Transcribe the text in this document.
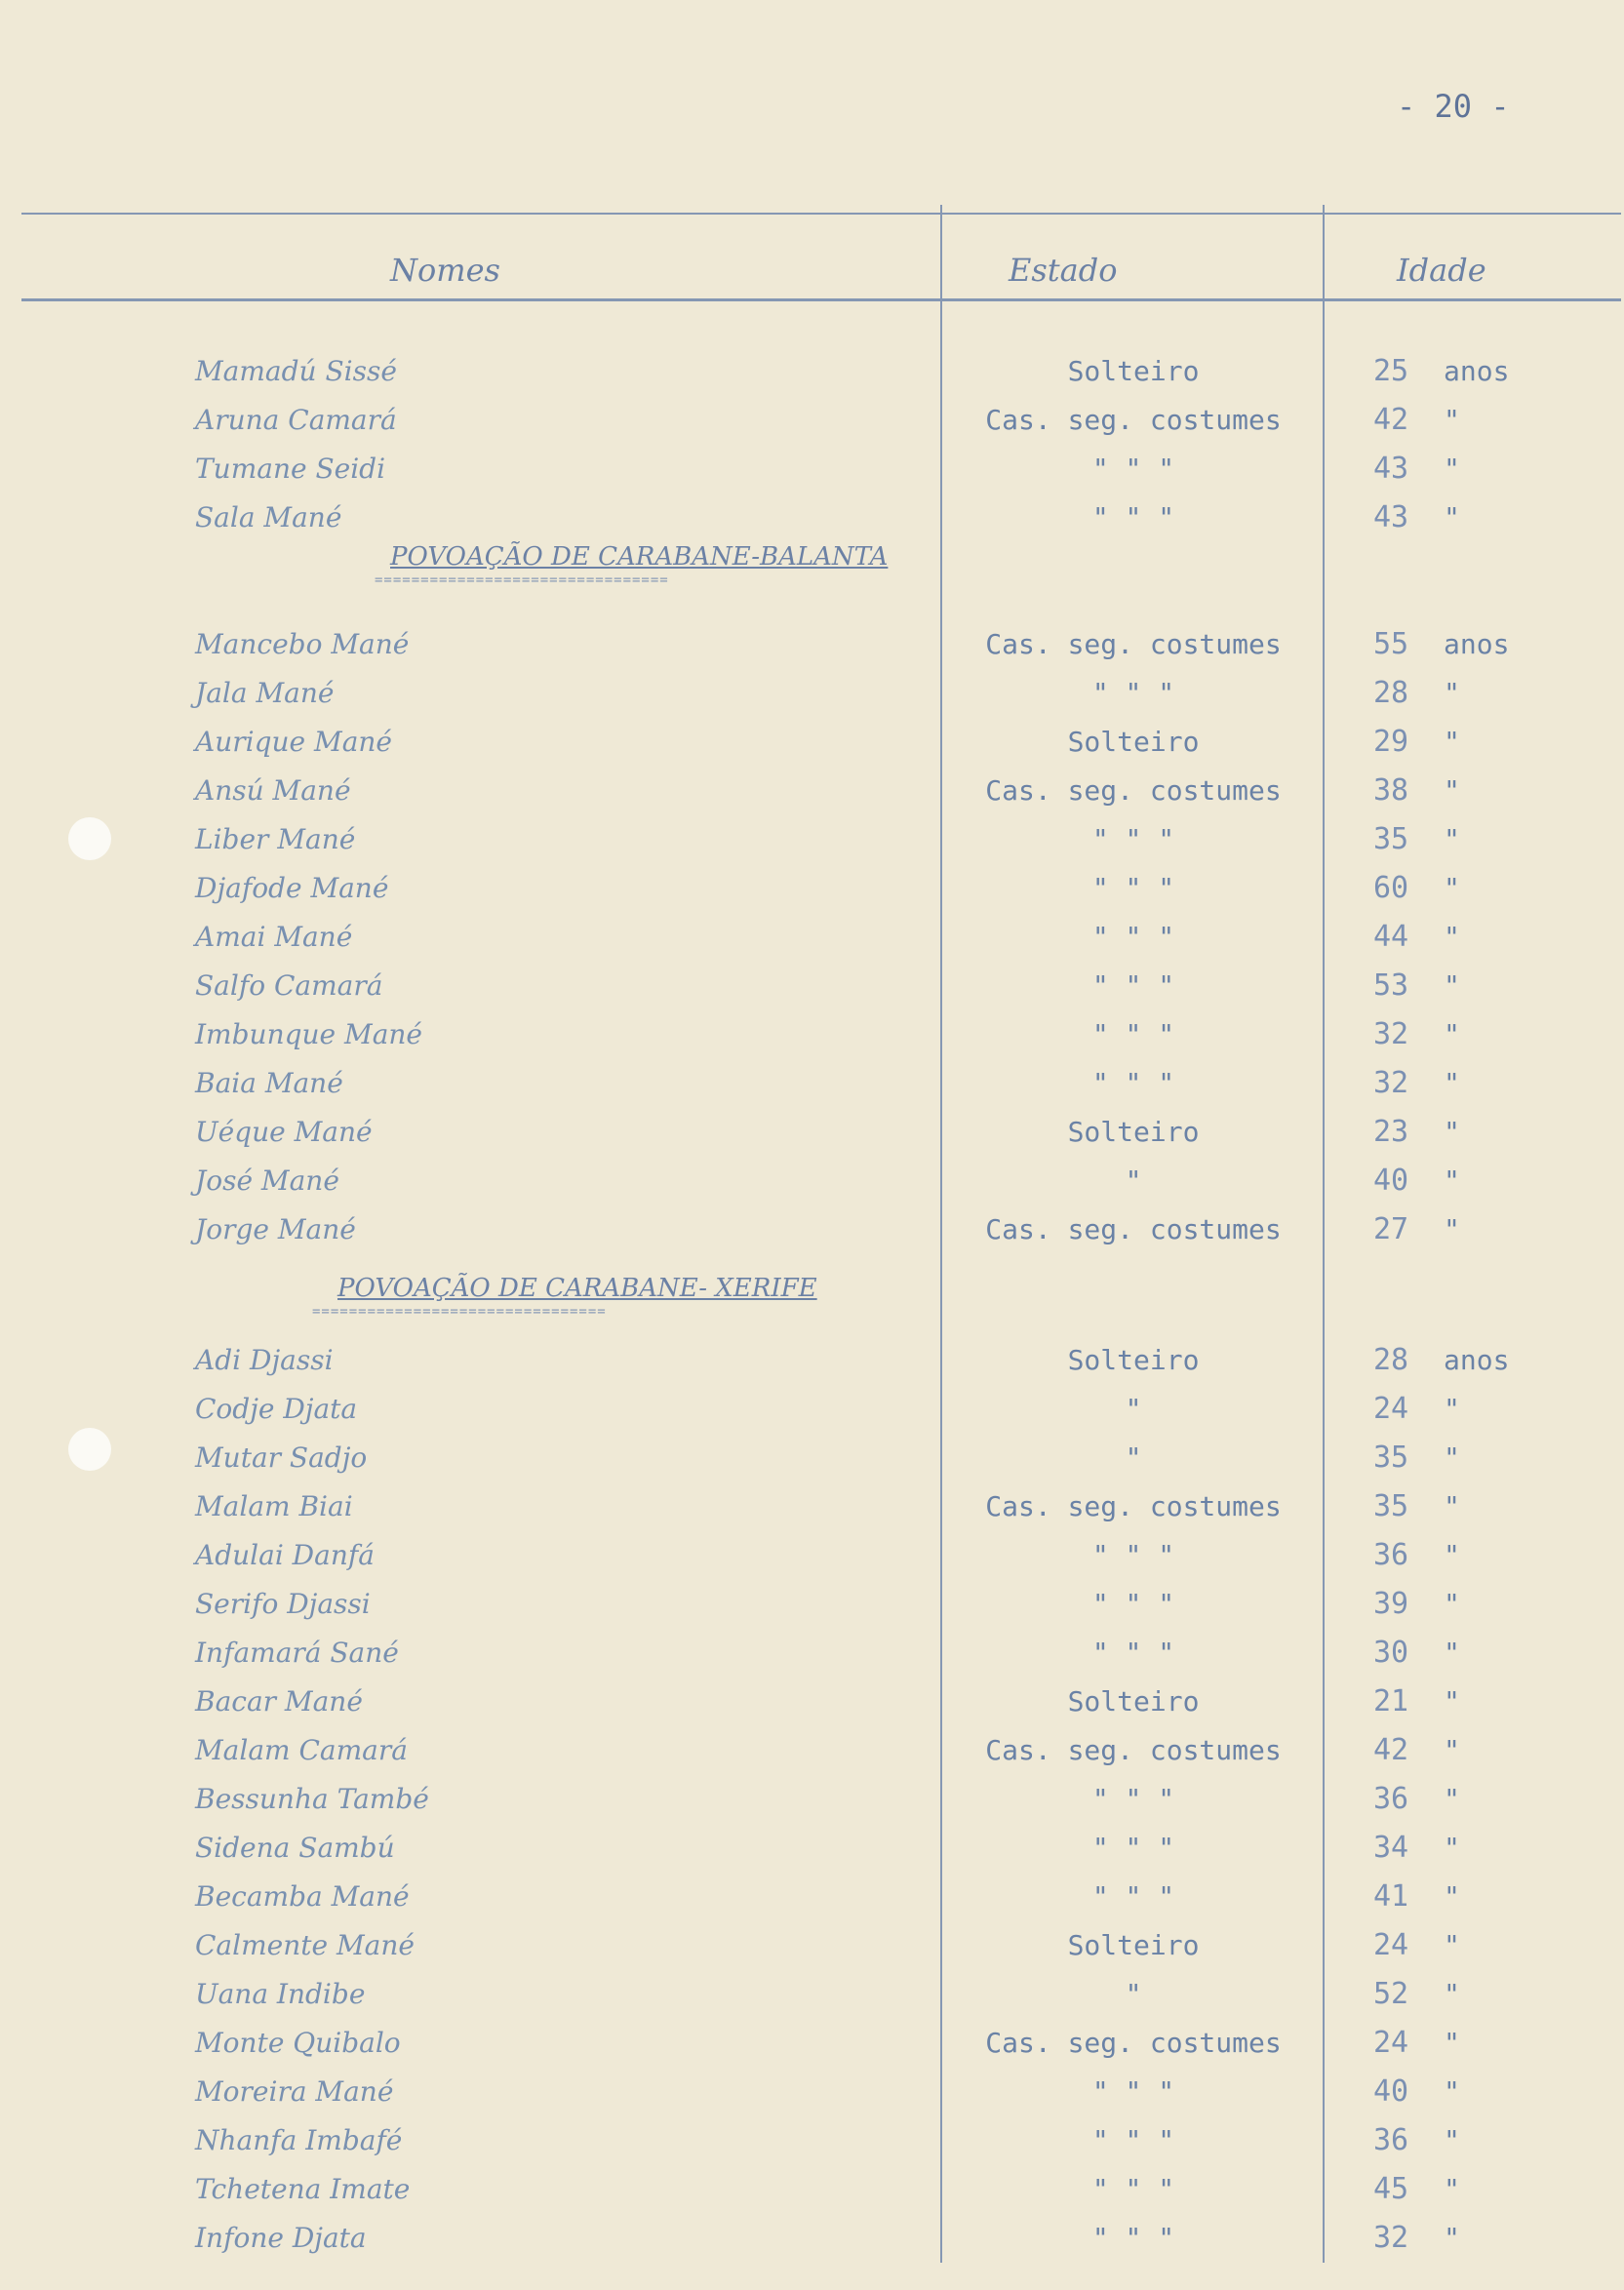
- 20 -
Nomes	Estado	Idade
POVOAÇÃO DE CARABANE-BALANTA
================================
POVOAÇÃO DE CARABANE- XERIFE
================================
Mamadú Sissé	Solteiro	25	anos
Aruna Camará	Cas. seg. costumes	42	"
Tumane Seidi	" " "	43	"
Sala Mané	" " "	43	"
Mancebo Mané	Cas. seg. costumes	55	anos
Jala Mané	" " "	28	"
Aurique Mané	Solteiro	29	"
Ansú Mané	Cas. seg. costumes	38	"
Liber Mané	" " "	35	"
Djafode Mané	" " "	60	"
Amai Mané	" " "	44	"
Salfo Camará	" " "	53	"
Imbunque Mané	" " "	32	"
Baia Mané	" " "	32	"
Uéque Mané	Solteiro	23	"
José Mané	"	40	"
Jorge Mané	Cas. seg. costumes	27	"
Adi Djassi	Solteiro	28	anos
Codje Djata	"	24	"
Mutar Sadjo	"	35	"
Malam Biai	Cas. seg. costumes	35	"
Adulai Danfá	" " "	36	"
Serifo Djassi	" " "	39	"
Infamará Sané	" " "	30	"
Bacar Mané	Solteiro	21	"
Malam Camará	Cas. seg. costumes	42	"
Bessunha També	" " "	36	"
Sidena Sambú	" " "	34	"
Becamba Mané	" " "	41	"
Calmente Mané	Solteiro	24	"
Uana Indibe	"	52	"
Monte Quibalo	Cas. seg. costumes	24	"
Moreira Mané	" " "	40	"
Nhanfa Imbafé	" " "	36	"
Tchetena Imate	" " "	45	"
Infone Djata	" " "	32	"
